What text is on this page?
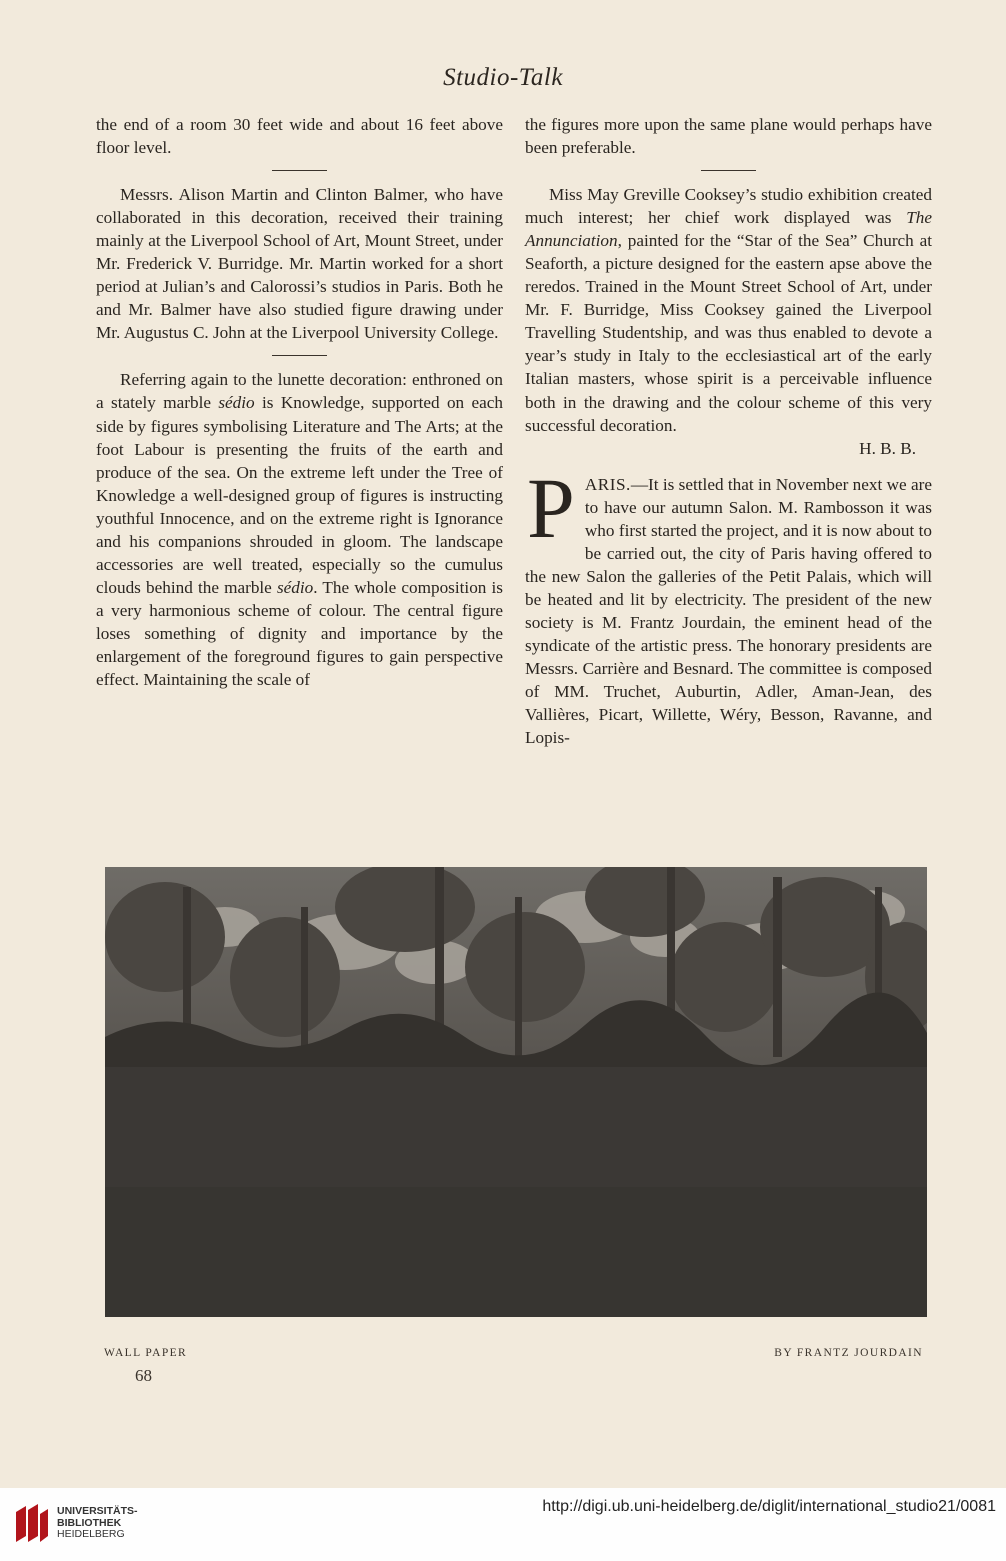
Studio-Talk

the end of a room 30 feet wide and about 16 feet above floor level.

Messrs. Alison Martin and Clinton Balmer, who have collaborated in this decoration, received their training mainly at the Liverpool School of Art, Mount Street, under Mr. Frederick V. Burridge. Mr. Martin worked for a short period at Julian’s and Calorossi’s studios in Paris. Both he and Mr. Balmer have also studied figure drawing under Mr. Augustus C. John at the Liverpool University College.

Referring again to the lunette decoration: enthroned on a stately marble sédio is Knowledge, supported on each side by figures symbolising Literature and The Arts; at the foot Labour is presenting the fruits of the earth and produce of the sea. On the extreme left under the Tree of Knowledge a well-designed group of figures is instructing youthful Innocence, and on the extreme right is Ignorance and his companions shrouded in gloom. The landscape accessories are well treated, especially so the cumulus clouds behind the marble sédio. The whole composition is a very harmonious scheme of colour. The central figure loses something of dignity and importance by the enlargement of the foreground figures to gain perspective effect. Maintaining the scale of

the figures more upon the same plane would perhaps have been preferable.

Miss May Greville Cooksey’s studio exhibition created much interest; her chief work displayed was The Annunciation, painted for the “Star of the Sea” Church at Seaforth, a picture designed for the eastern apse above the reredos. Trained in the Mount Street School of Art, under Mr. F. Burridge, Miss Cooksey gained the Liverpool Travelling Studentship, and was thus enabled to devote a year’s study in Italy to the ecclesiastical art of the early Italian masters, whose spirit is a perceivable influence both in the drawing and the colour scheme of this very successful decoration.

H. B. B.

PARIS.—It is settled that in November next we are to have our autumn Salon. M. Rambosson it was who first started the project, and it is now about to be carried out, the city of Paris having offered to the new Salon the galleries of the Petit Palais, which will be heated and lit by electricity. The president of the new society is M. Frantz Jourdain, the eminent head of the syndicate of the artistic press. The honorary presidents are Messrs. Carrière and Besnard. The committee is composed of MM. Truchet, Auburtin, Adler, Aman-Jean, des Vallières, Picart, Willette, Wéry, Besson, Ravanne, and Lopis-

WALL PAPER	BY FRANTZ JOURDAIN
68
UNIVERSITÄTS-
BIBLIOTHEK
HEIDELBERG
http://digi.ub.uni-heidelberg.de/diglit/international_studio21/0081
